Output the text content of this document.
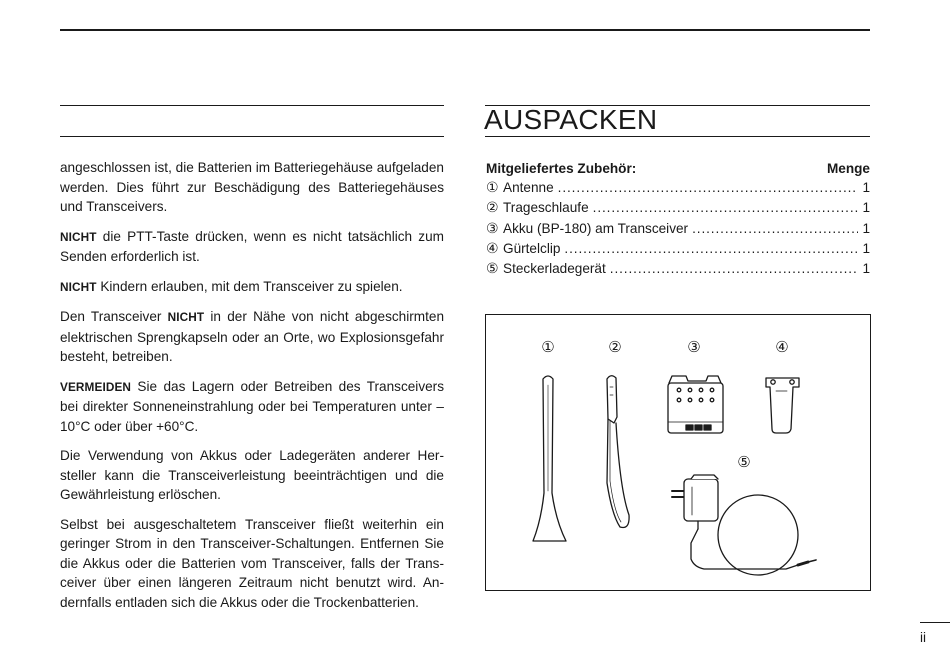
angeschlossen ist, die Batterien im Batteriegehäuse aufgeladen werden. Dies führt zur Beschädigung des Batteriegehäuses und Transceivers.

NICHT die PTT-Taste drücken, wenn es nicht tatsächlich zum Senden erforderlich ist.

NICHT Kindern erlauben, mit dem Transceiver zu spielen.

Den Transceiver NICHT in der Nähe von nicht abgeschirmten elektrischen Sprengkapseln oder an Orte, wo Explosionsgefahr besteht, betreiben.

VERMEIDEN Sie das Lagern oder Betreiben des Transceivers bei direkter Sonneneinstrahlung oder bei Temperaturen unter –10°C oder über +60°C.

Die Verwendung von Akkus oder Ladegeräten anderer Hersteller kann die Transceiverleistung beeinträchtigen und die Gewährleistung erlöschen.

Selbst bei ausgeschaltetem Transceiver fließt weiterhin ein geringer Strom in den Transceiver-Schaltungen. Entfernen Sie die Akkus oder die Batterien vom Transceiver, falls der Transceiver über einen längeren Zeitraum nicht benutzt wird. Andernfalls entladen sich die Akkus oder die Trockenbatterien.

AUSPACKEN
Mitgeliefertes Zubehör:	Menge
① Antenne .....	1
② Trageschlaufe .....	1
③ Akku (BP-180) am Transceiver .....	1
④ Gürtelclip .....	1
⑤ Steckerladegerät .....	1
①	②	③	④
⑤
ii
